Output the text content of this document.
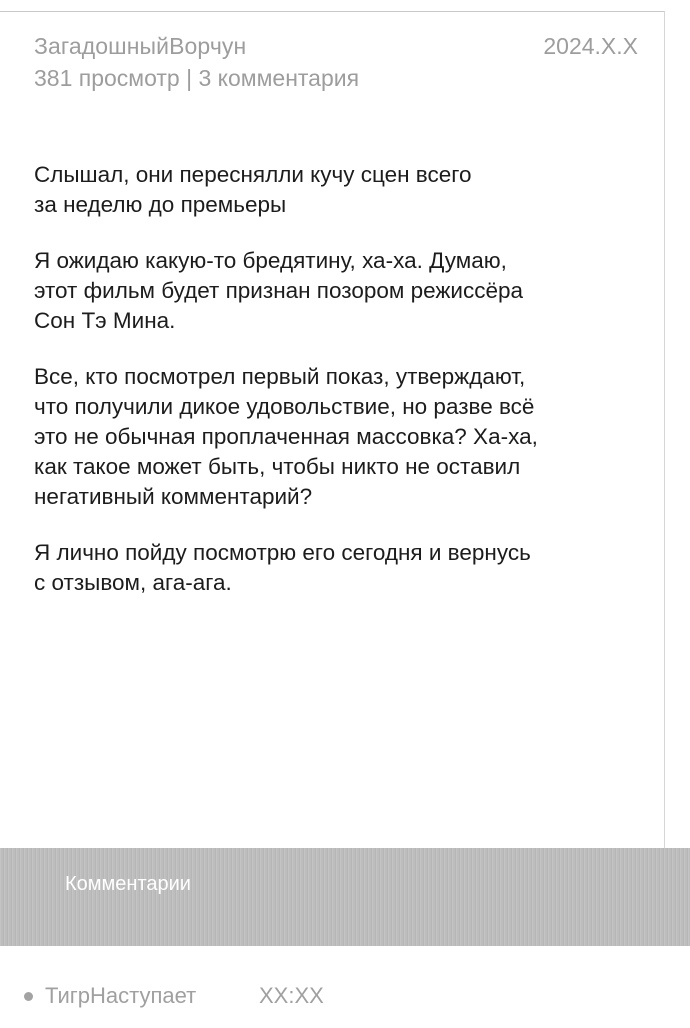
ЗагадошныйВорчун	2024.X.X
381 просмотр | 3 комментария

Слышал, они переснялли кучу сцен всего
за неделю до премьеры

Я ожидаю какую-то бредятину, ха-ха. Думаю,
этот фильм будет признан позором режиссёра
Сон Тэ Мина.

Все, кто посмотрел первый показ, утверждают,
что получили дикое удовольствие, но разве всё
это не обычная проплаченная массовка? Ха-ха,
как такое может быть, чтобы никто не оставил
негативный комментарий?

Я лично пойду посмотрю его сегодня и вернусь
с отзывом, ага-ага.

Комментарии
ТигрНаступает	XX:XX
